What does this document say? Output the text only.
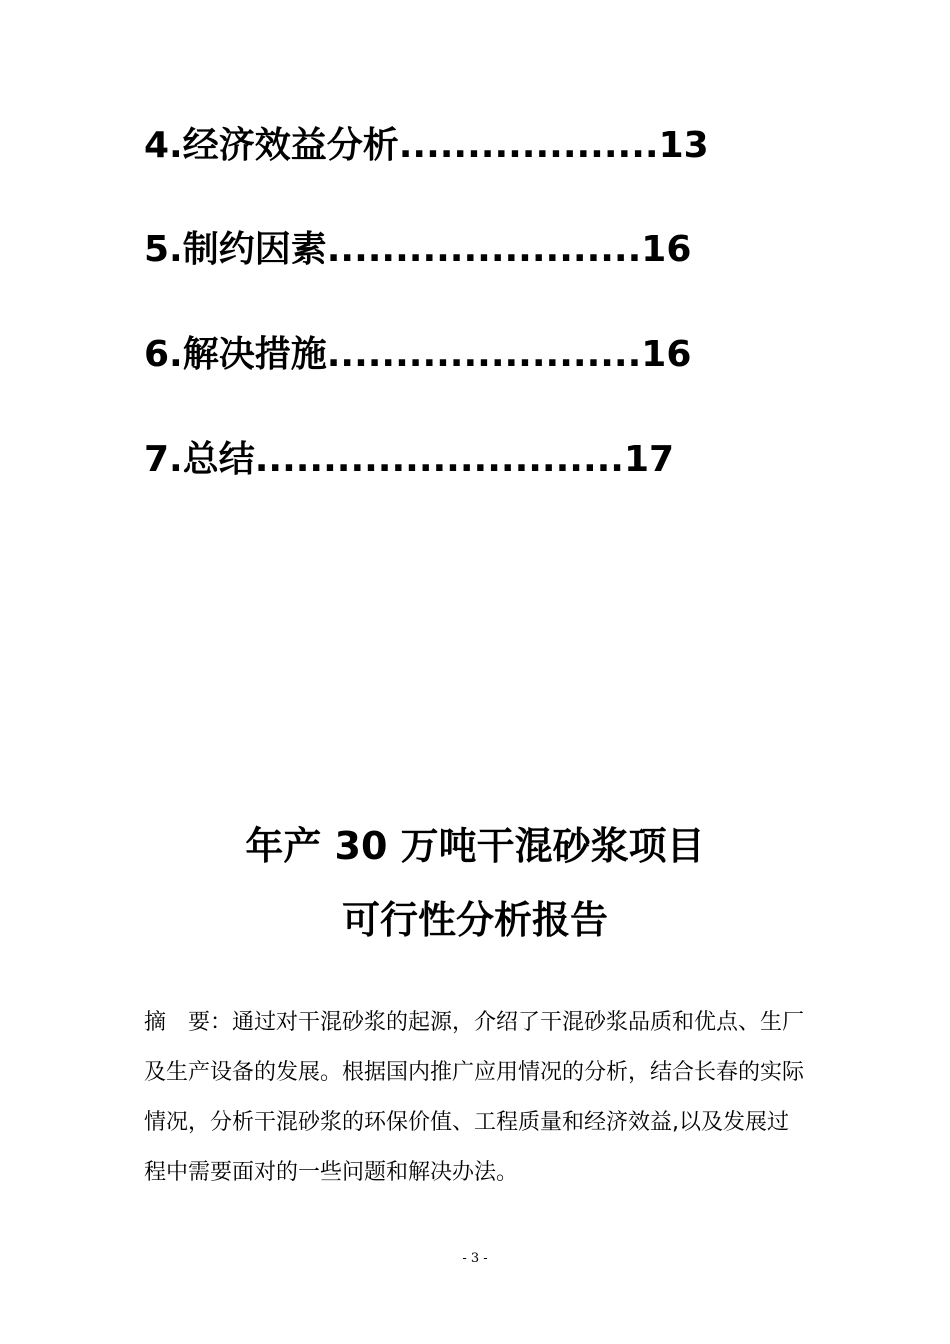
4.经济效益分析...................13
5.制约因素.......................16
6.解决措施.......................16
7.总结...........................17
年产 30 万吨干混砂浆项目
可行性分析报告
摘　要：通过对干混砂浆的起源，介绍了干混砂浆品质和优点、生厂
及生产设备的发展。根据国内推广应用情况的分析，结合长春的实际
情况，分析干混砂浆的环保价值、工程质量和经济效益,以及发展过
程中需要面对的一些问题和解决办法。
- 3 -
